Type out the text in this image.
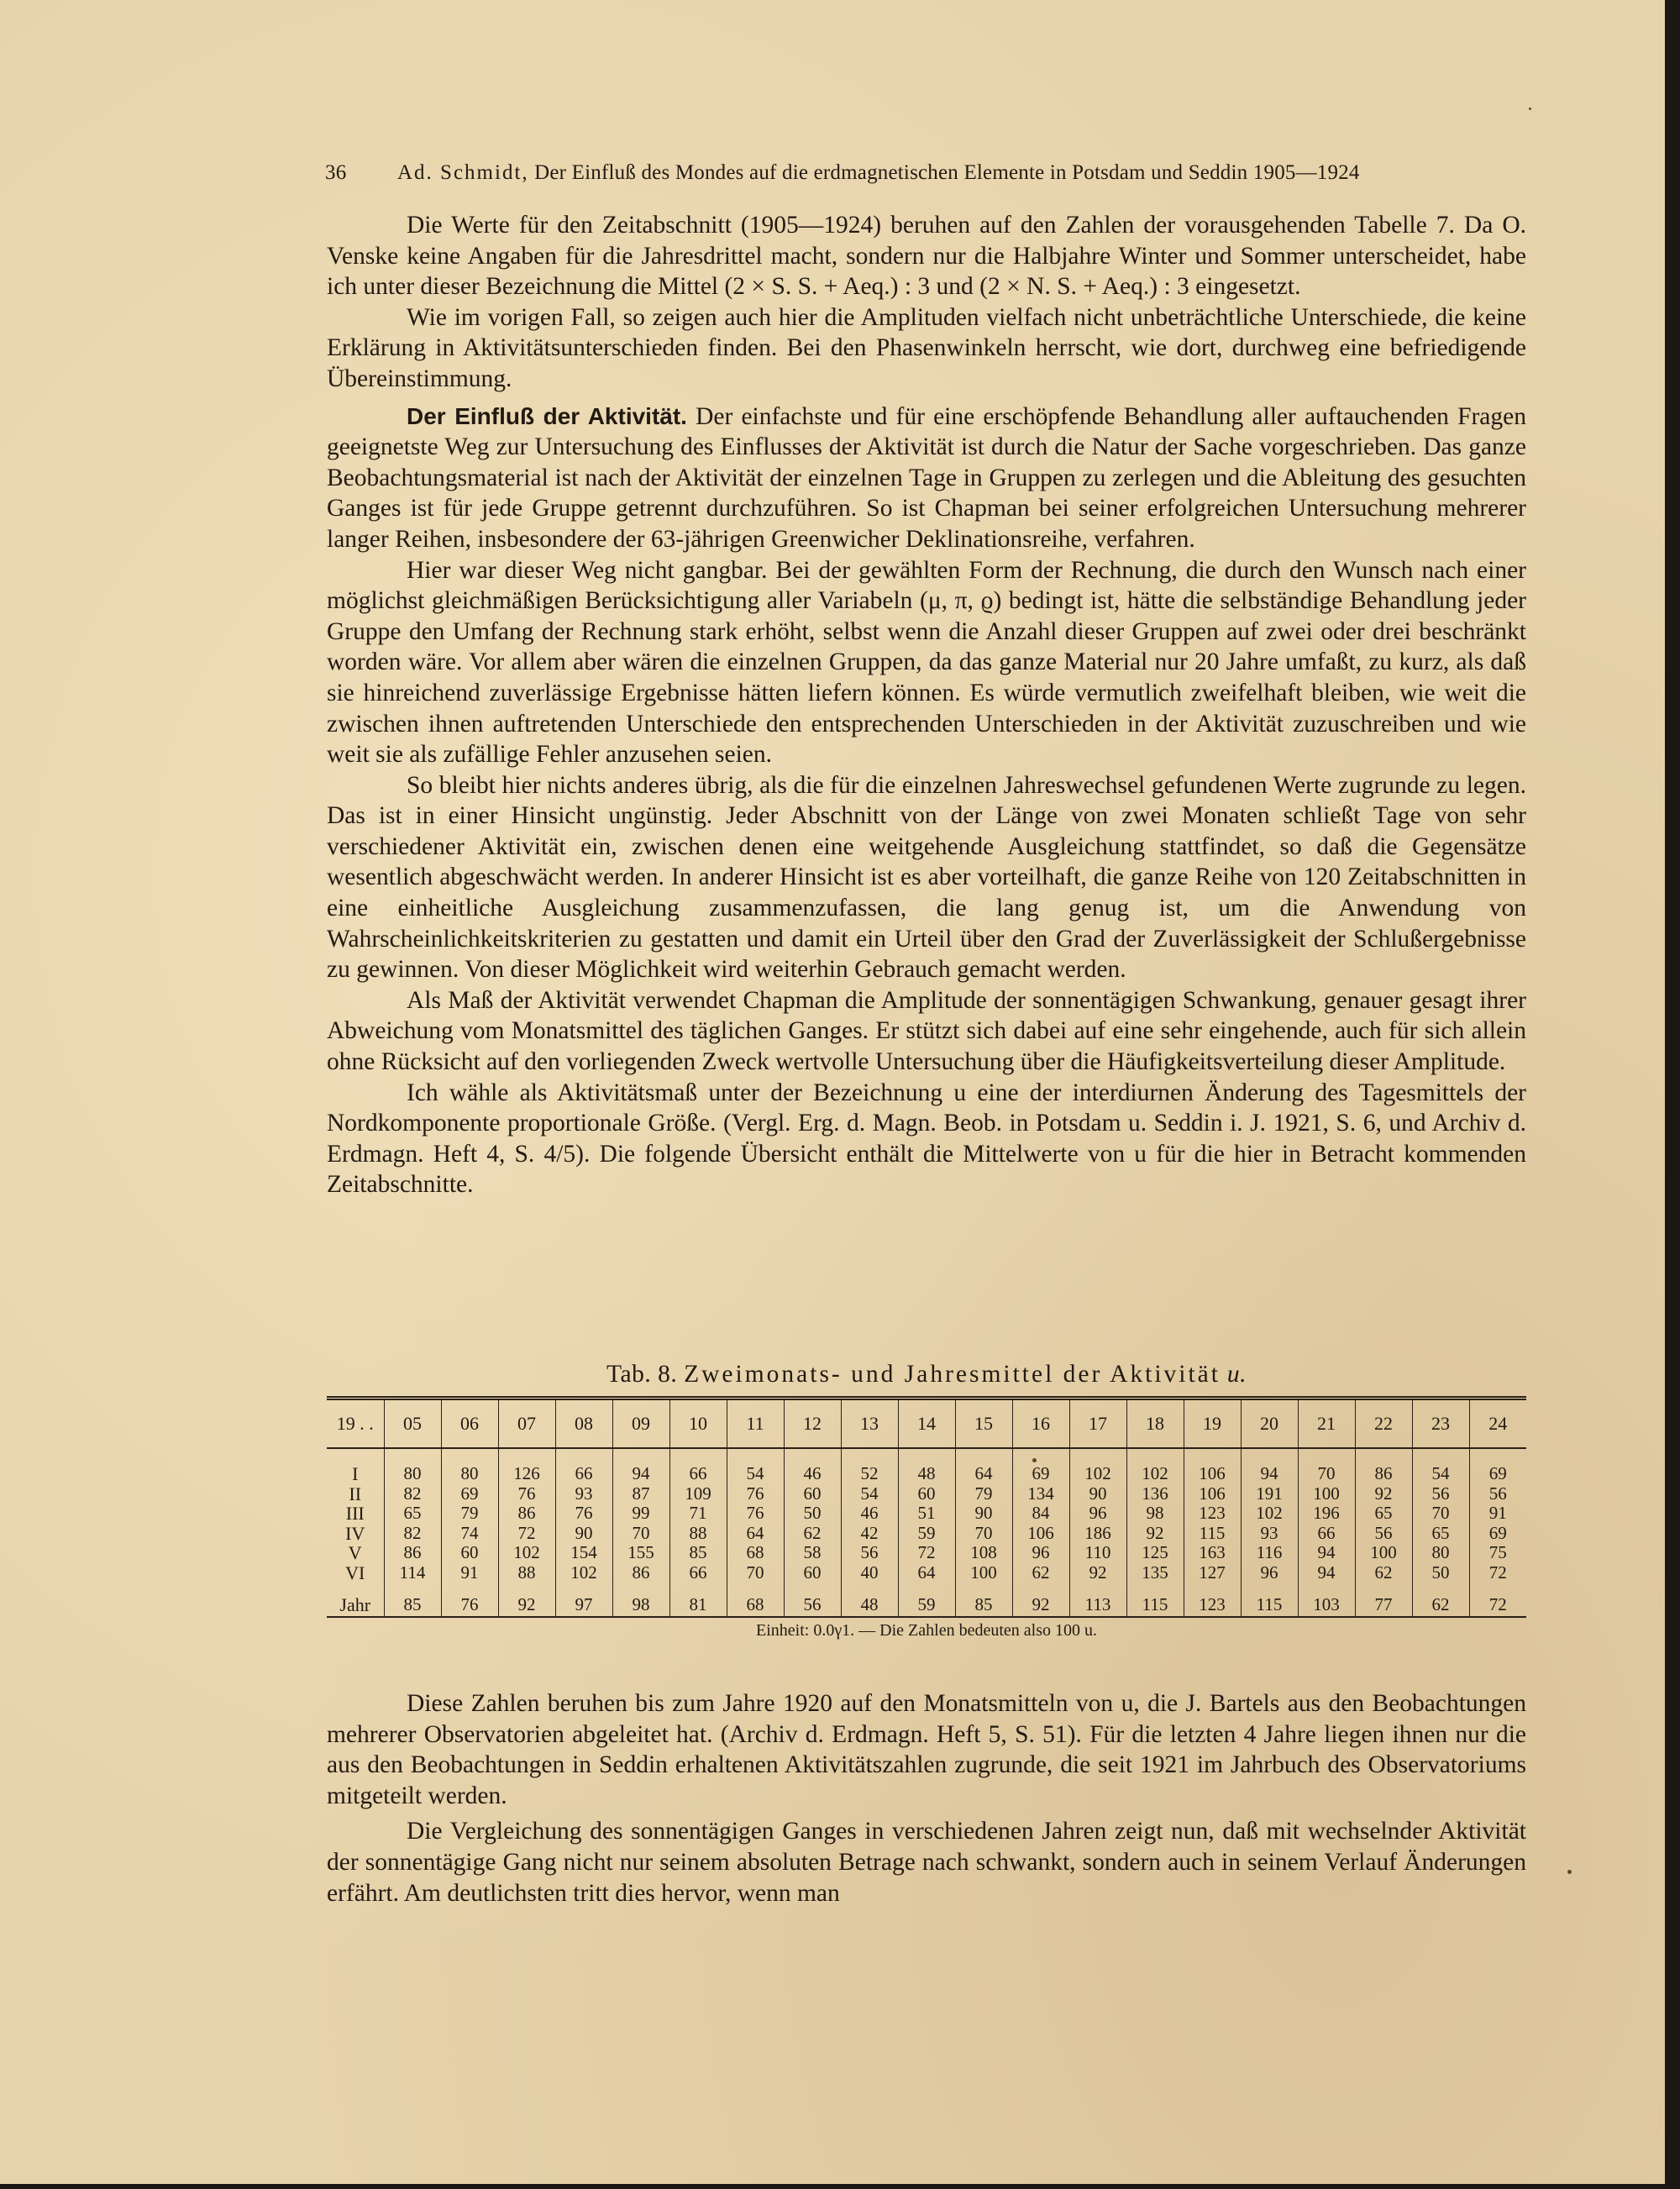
36 Ad. Schmidt, Der Einfluß des Mondes auf die erdmagnetischen Elemente in Potsdam und Seddin 1905—1924

Die Werte für den Zeitabschnitt (1905—1924) beruhen auf den Zahlen der vorausgehenden Tabelle 7. Da O. Venske keine Angaben für die Jahresdrittel macht, sondern nur die Halbjahre Winter und Sommer unterscheidet, habe ich unter dieser Bezeichnung die Mittel (2 × S. S. + Aeq.) : 3 und (2 × N. S. + Aeq.) : 3 eingesetzt.

Wie im vorigen Fall, so zeigen auch hier die Amplituden vielfach nicht unbeträchtliche Unterschiede, die keine Erklärung in Aktivitätsunterschieden finden. Bei den Phasenwinkeln herrscht, wie dort, durchweg eine befriedigende Übereinstimmung.

Der Einfluß der Aktivität. Der einfachste und für eine erschöpfende Behandlung aller auftauchenden Fragen geeignetste Weg zur Untersuchung des Einflusses der Aktivität ist durch die Natur der Sache vorgeschrieben. Das ganze Beobachtungsmaterial ist nach der Aktivität der einzelnen Tage in Gruppen zu zerlegen und die Ableitung des gesuchten Ganges ist für jede Gruppe getrennt durchzuführen. So ist Chapman bei seiner erfolgreichen Untersuchung mehrerer langer Reihen, insbesondere der 63-jährigen Greenwicher Deklinationsreihe, verfahren.

Hier war dieser Weg nicht gangbar. Bei der gewählten Form der Rechnung, die durch den Wunsch nach einer möglichst gleichmäßigen Berücksichtigung aller Variabeln (μ, π, ϱ) bedingt ist, hätte die selbständige Behandlung jeder Gruppe den Umfang der Rechnung stark erhöht, selbst wenn die Anzahl dieser Gruppen auf zwei oder drei beschränkt worden wäre. Vor allem aber wären die einzelnen Gruppen, da das ganze Material nur 20 Jahre umfaßt, zu kurz, als daß sie hinreichend zuverlässige Ergebnisse hätten liefern können. Es würde vermutlich zweifelhaft bleiben, wie weit die zwischen ihnen auftretenden Unterschiede den entsprechenden Unterschieden in der Aktivität zuzuschreiben und wie weit sie als zufällige Fehler anzusehen seien.

So bleibt hier nichts anderes übrig, als die für die einzelnen Jahreswechsel gefundenen Werte zugrunde zu legen. Das ist in einer Hinsicht ungünstig. Jeder Abschnitt von der Länge von zwei Monaten schließt Tage von sehr verschiedener Aktivität ein, zwischen denen eine weitgehende Ausgleichung stattfindet, so daß die Gegensätze wesentlich abgeschwächt werden. In anderer Hinsicht ist es aber vorteilhaft, die ganze Reihe von 120 Zeitabschnitten in eine einheitliche Ausgleichung zusammenzufassen, die lang genug ist, um die Anwendung von Wahrscheinlichkeitskriterien zu gestatten und damit ein Urteil über den Grad der Zuverlässigkeit der Schlußergebnisse zu gewinnen. Von dieser Möglichkeit wird weiterhin Gebrauch gemacht werden.

Als Maß der Aktivität verwendet Chapman die Amplitude der sonnentägigen Schwankung, genauer gesagt ihrer Abweichung vom Monatsmittel des täglichen Ganges. Er stützt sich dabei auf eine sehr eingehende, auch für sich allein ohne Rücksicht auf den vorliegenden Zweck wertvolle Untersuchung über die Häufigkeitsverteilung dieser Amplitude.

Ich wähle als Aktivitätsmaß unter der Bezeichnung u eine der interdiurnen Änderung des Tagesmittels der Nordkomponente proportionale Größe. (Vergl. Erg. d. Magn. Beob. in Potsdam u. Seddin i. J. 1921, S. 6, und Archiv d. Erdmagn. Heft 4, S. 4/5). Die folgende Übersicht enthält die Mittelwerte von u für die hier in Betracht kommenden Zeitabschnitte.

Tab. 8. Zweimonats- und Jahresmittel der Aktivität u.
19 . .	05	06	07	08	09	10	11	12	13	14	15	16	17	18	19	20	21	22	23	24

I	80	80	126	66	94	66	54	46	52	48	64	69	102	102	106	94	70	86	54	69
II	82	69	76	93	87	109	76	60	54	60	79	134	90	136	106	191	100	92	56	56
III	65	79	86	76	99	71	76	50	46	51	90	84	96	98	123	102	196	65	70	91
IV	82	74	72	90	70	88	64	62	42	59	70	106	186	92	115	93	66	56	65	69
V	86	60	102	154	155	85	68	58	56	72	108	96	110	125	163	116	94	100	80	75
VI	114	91	88	102	86	66	70	60	40	64	100	62	92	135	127	96	94	62	50	72

Jahr	85	76	92	97	98	81	68	56	48	59	85	92	113	115	123	115	103	77	62	72
Einheit: 0.0γ1. — Die Zahlen bedeuten also 100 u.

Diese Zahlen beruhen bis zum Jahre 1920 auf den Monatsmitteln von u, die J. Bartels aus den Beobachtungen mehrerer Observatorien abgeleitet hat. (Archiv d. Erdmagn. Heft 5, S. 51). Für die letzten 4 Jahre liegen ihnen nur die aus den Beobachtungen in Seddin erhaltenen Aktivitätszahlen zugrunde, die seit 1921 im Jahrbuch des Observatoriums mitgeteilt werden.

Die Vergleichung des sonnentägigen Ganges in verschiedenen Jahren zeigt nun, daß mit wechselnder Aktivität der sonnentägige Gang nicht nur seinem absoluten Betrage nach schwankt, sondern auch in seinem Verlauf Änderungen erfährt. Am deutlichsten tritt dies hervor, wenn man
